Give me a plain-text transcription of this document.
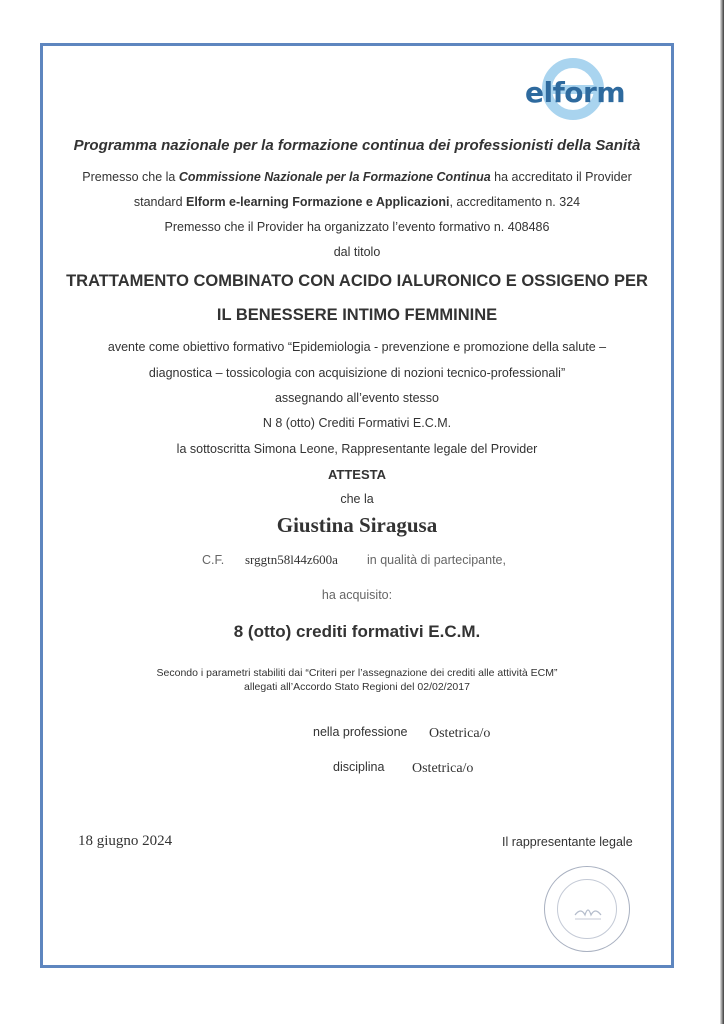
elform
Programma nazionale per la formazione continua dei professionisti della Sanità
Premesso che la Commissione Nazionale per la Formazione Continua ha accreditato il Provider
standard Elform e-learning Formazione e Applicazioni, accreditamento n. 324
Premesso che il Provider ha organizzato l’evento formativo n. 408486
dal titolo
TRATTAMENTO COMBINATO CON ACIDO IALURONICO E OSSIGENO PER
IL BENESSERE INTIMO FEMMININE
avente come obiettivo formativo “Epidemiologia - prevenzione e promozione della salute –
diagnostica – tossicologia con acquisizione di nozioni tecnico-professionali”
assegnando all’evento stesso
N 8 (otto) Crediti Formativi E.C.M.
la sottoscritta Simona Leone, Rappresentante legale del Provider
ATTESTA
che la
Giustina Siragusa
C.F. srggtn58l44z600a in qualità di partecipante,
ha acquisito:
8 (otto) crediti formativi E.C.M.
Secondo i parametri stabiliti dai “Criteri per l’assegnazione dei crediti alle attività ECM”
allegati all’Accordo Stato Regioni del 02/02/2017
nella professione Ostetrica/o
disciplina Ostetrica/o
18 giugno 2024	Il rappresentante legale
